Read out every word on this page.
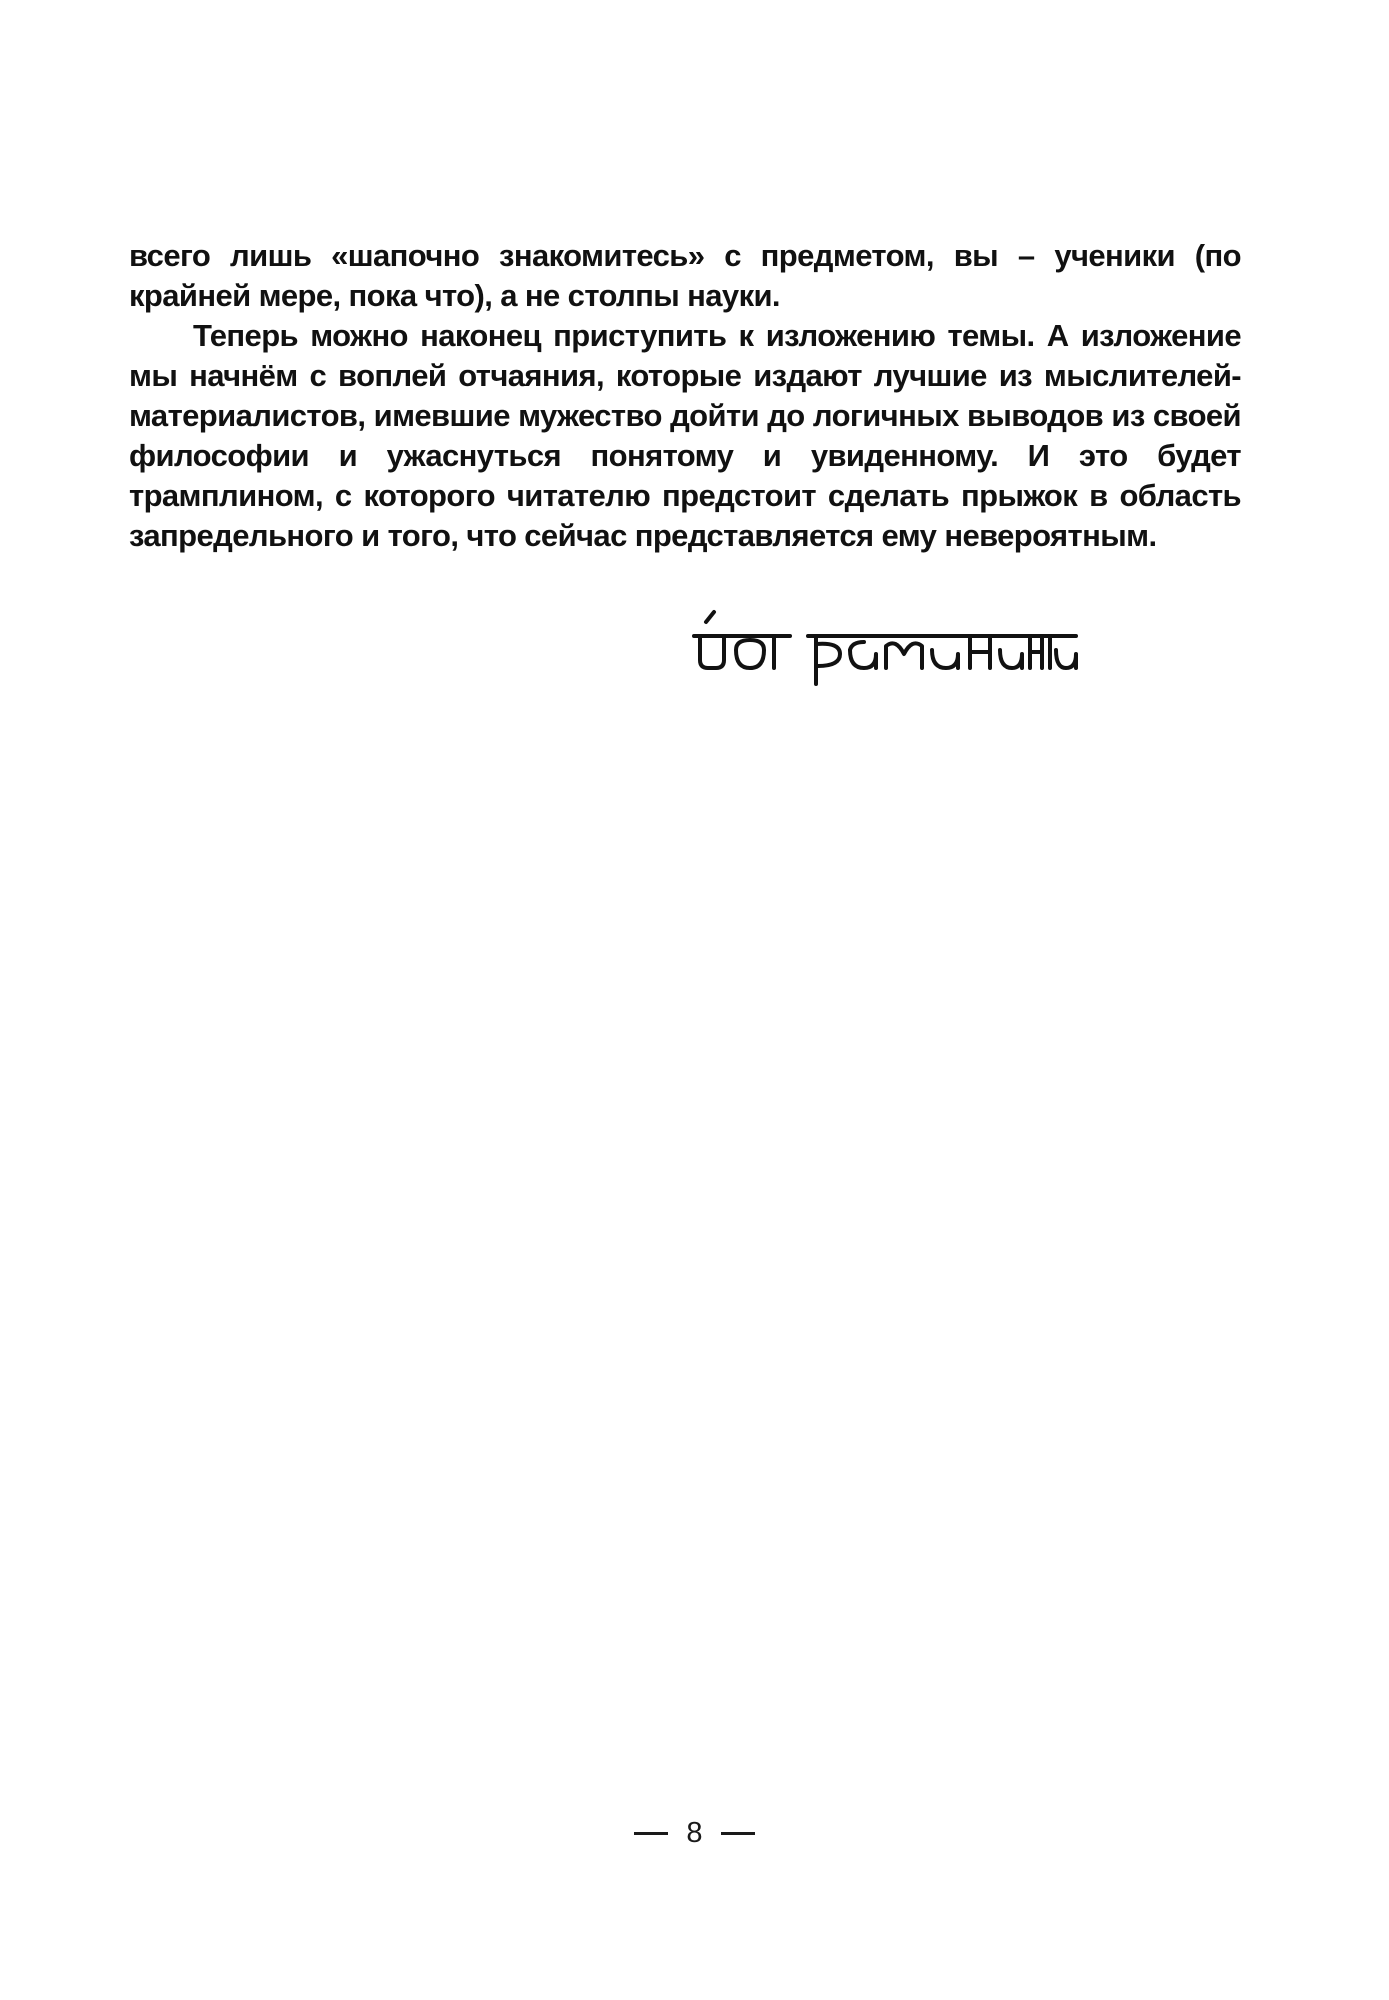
всего лишь «шапочно знакомитесь» с предметом, вы – ученики (по крайней мере, пока что), а не столпы науки.

Теперь можно наконец приступить к изложению темы. А изложение мы начнём с воплей отчаяния, которые издают лучшие из мыслителей-материалистов, имевшие мужество дойти до логичных выводов из своей философии и ужаснуться понятому и увиденному. И это будет трамплином, с которого читателю предстоит сделать прыжок в область запредельного и того, что сейчас представляется ему невероятным.

8
